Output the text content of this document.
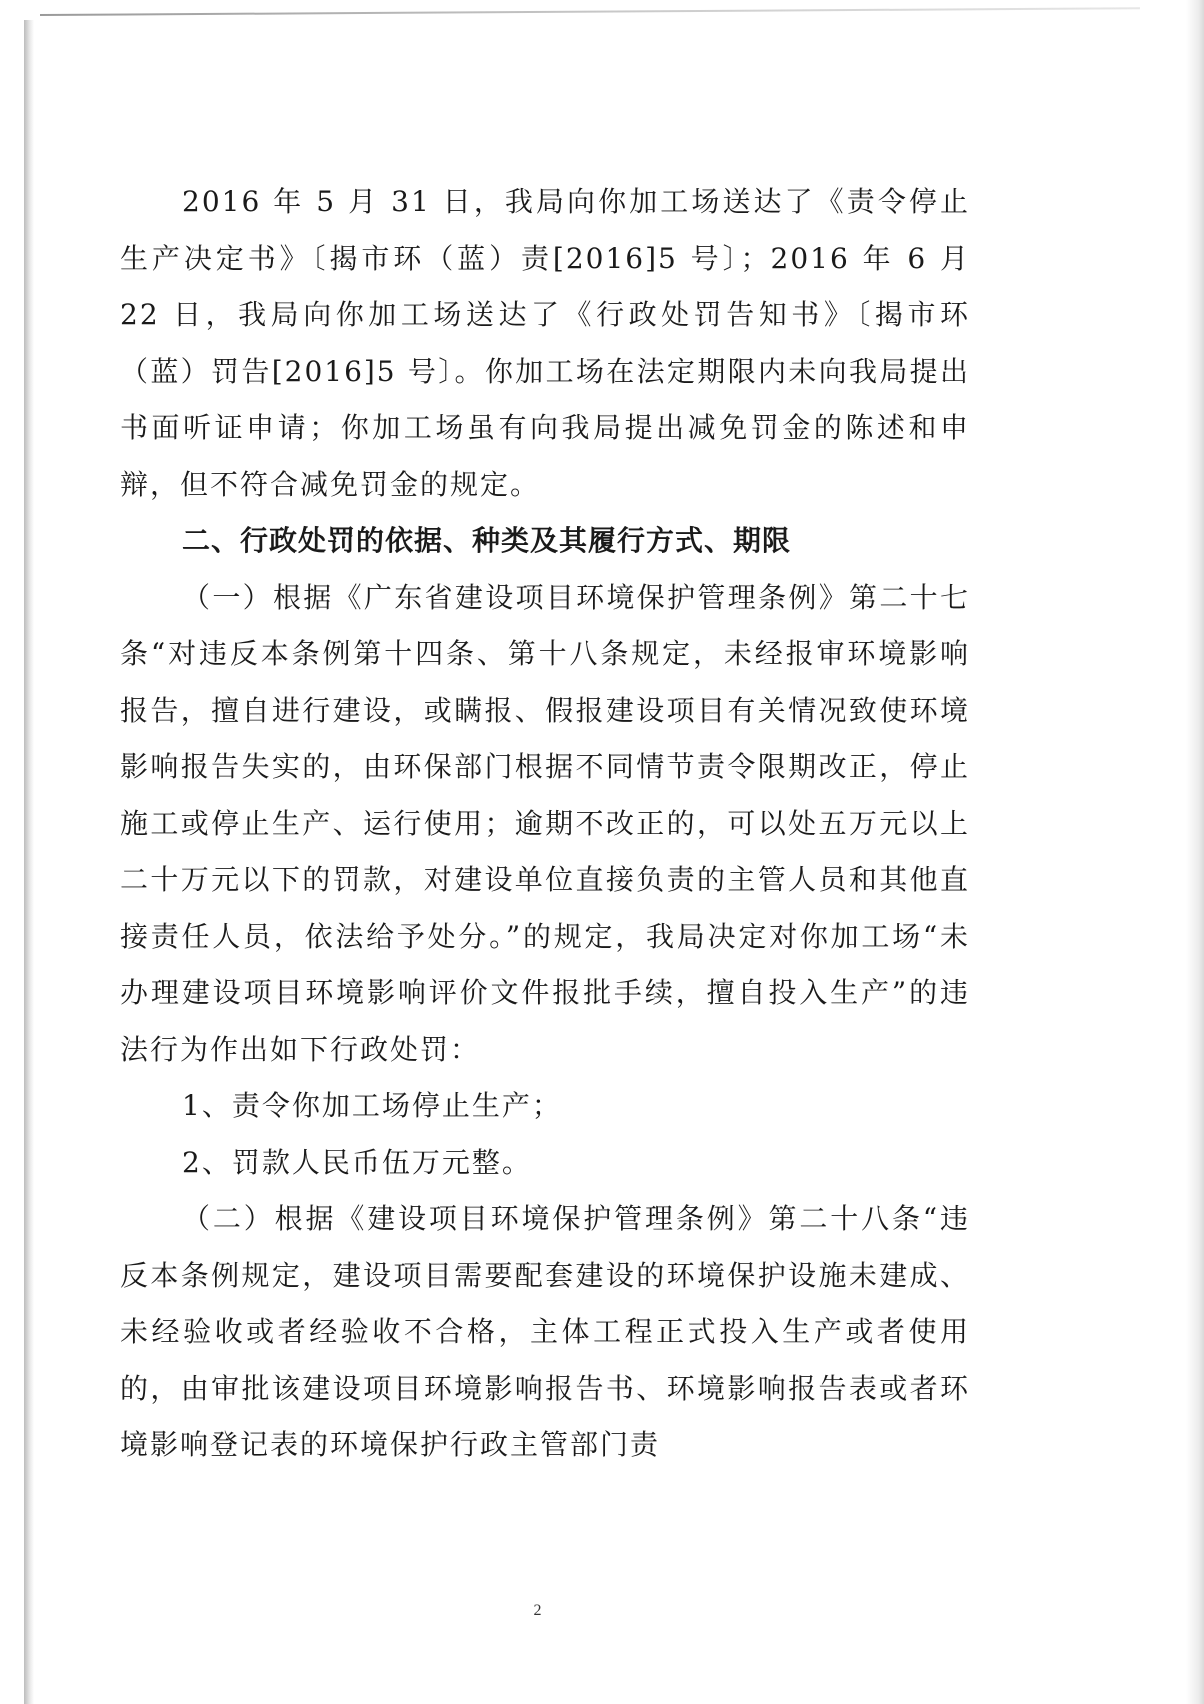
2016 年 5 月 31 日，我局向你加工场送达了《责令停止生产决定书》〔揭市环（蓝）责[2016]5 号〕；2016 年 6 月 22 日，我局向你加工场送达了《行政处罚告知书》〔揭市环（蓝）罚告[2016]5 号〕。你加工场在法定期限内未向我局提出书面听证申请；你加工场虽有向我局提出减免罚金的陈述和申辩，但不符合减免罚金的规定。

二、行政处罚的依据、种类及其履行方式、期限

（一）根据《广东省建设项目环境保护管理条例》第二十七条“对违反本条例第十四条、第十八条规定，未经报审环境影响报告，擅自进行建设，或瞒报、假报建设项目有关情况致使环境影响报告失实的，由环保部门根据不同情节责令限期改正，停止施工或停止生产、运行使用；逾期不改正的，可以处五万元以上二十万元以下的罚款，对建设单位直接负责的主管人员和其他直接责任人员，依法给予处分。”的规定，我局决定对你加工场“未办理建设项目环境影响评价文件报批手续，擅自投入生产”的违法行为作出如下行政处罚：

1、责令你加工场停止生产；

2、罚款人民币伍万元整。

（二）根据《建设项目环境保护管理条例》第二十八条“违反本条例规定，建设项目需要配套建设的环境保护设施未建成、未经验收或者经验收不合格，主体工程正式投入生产或者使用的，由审批该建设项目环境影响报告书、环境影响报告表或者环境影响登记表的环境保护行政主管部门责

2
